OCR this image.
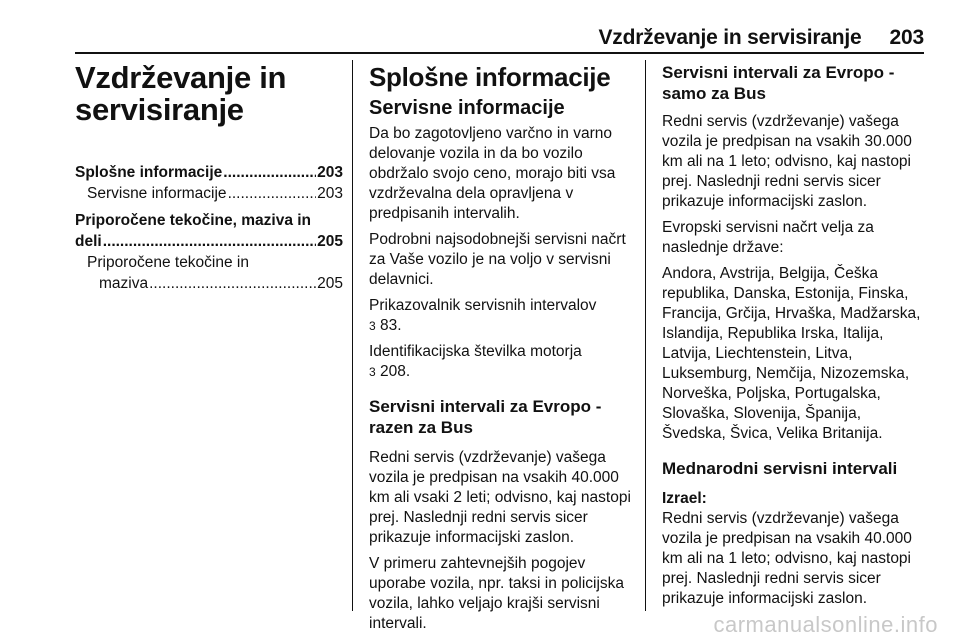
Vzdrževanje in servisiranje 203
Vzdrževanje in
servisiranje
Splošne informacije .....	203
Servisne informacije .....	203
Priporočene tekočine, maziva in
deli .....	205
Priporočene tekočine in
maziva .....	205
Splošne informacije
Servisne informacije

Da bo zagotovljeno varčno in varno delovanje vozila in da bo vozilo obdržalo svojo ceno, morajo biti vsa vzdrževalna dela opravljena v predpisanih intervalih.

Podrobni najsodobnejši servisni načrt za Vaše vozilo je na voljo v servisni delavnici.

Prikazovalnik servisnih intervalov
3 83.

Identifikacijska številka motorja
3 208.

Servisni intervali za Evropo -
razen za Bus

Redni servis (vzdrževanje) vašega vozila je predpisan na vsakih 40.000 km ali vsaki 2 leti; odvisno, kaj nastopi prej. Naslednji redni servis sicer prikazuje informacijski zaslon.

V primeru zahtevnejših pogojev uporabe vozila, npr. taksi in policijska vozila, lahko veljajo krajši servisni intervali.

Servisni intervali za Evropo -
samo za Bus

Redni servis (vzdrževanje) vašega vozila je predpisan na vsakih 30.000 km ali na 1 leto; odvisno, kaj nastopi prej. Naslednji redni servis sicer prikazuje informacijski zaslon.

Evropski servisni načrt velja za naslednje države:

Andora, Avstrija, Belgija, Češka republika, Danska, Estonija, Finska, Francija, Grčija, Hrvaška, Madžarska, Islandija, Republika Irska, Italija, Latvija, Liechtenstein, Litva, Luksemburg, Nemčija, Nizozemska, Norveška, Poljska, Portugalska, Slovaška, Slovenija, Španija, Švedska, Švica, Velika Britanija.

Mednarodni servisni intervali
Izrael:

Redni servis (vzdrževanje) vašega vozila je predpisan na vsakih 40.000 km ali na 1 leto; odvisno, kaj nastopi prej. Naslednji redni servis sicer prikazuje informacijski zaslon.

carmanualsonline.info
